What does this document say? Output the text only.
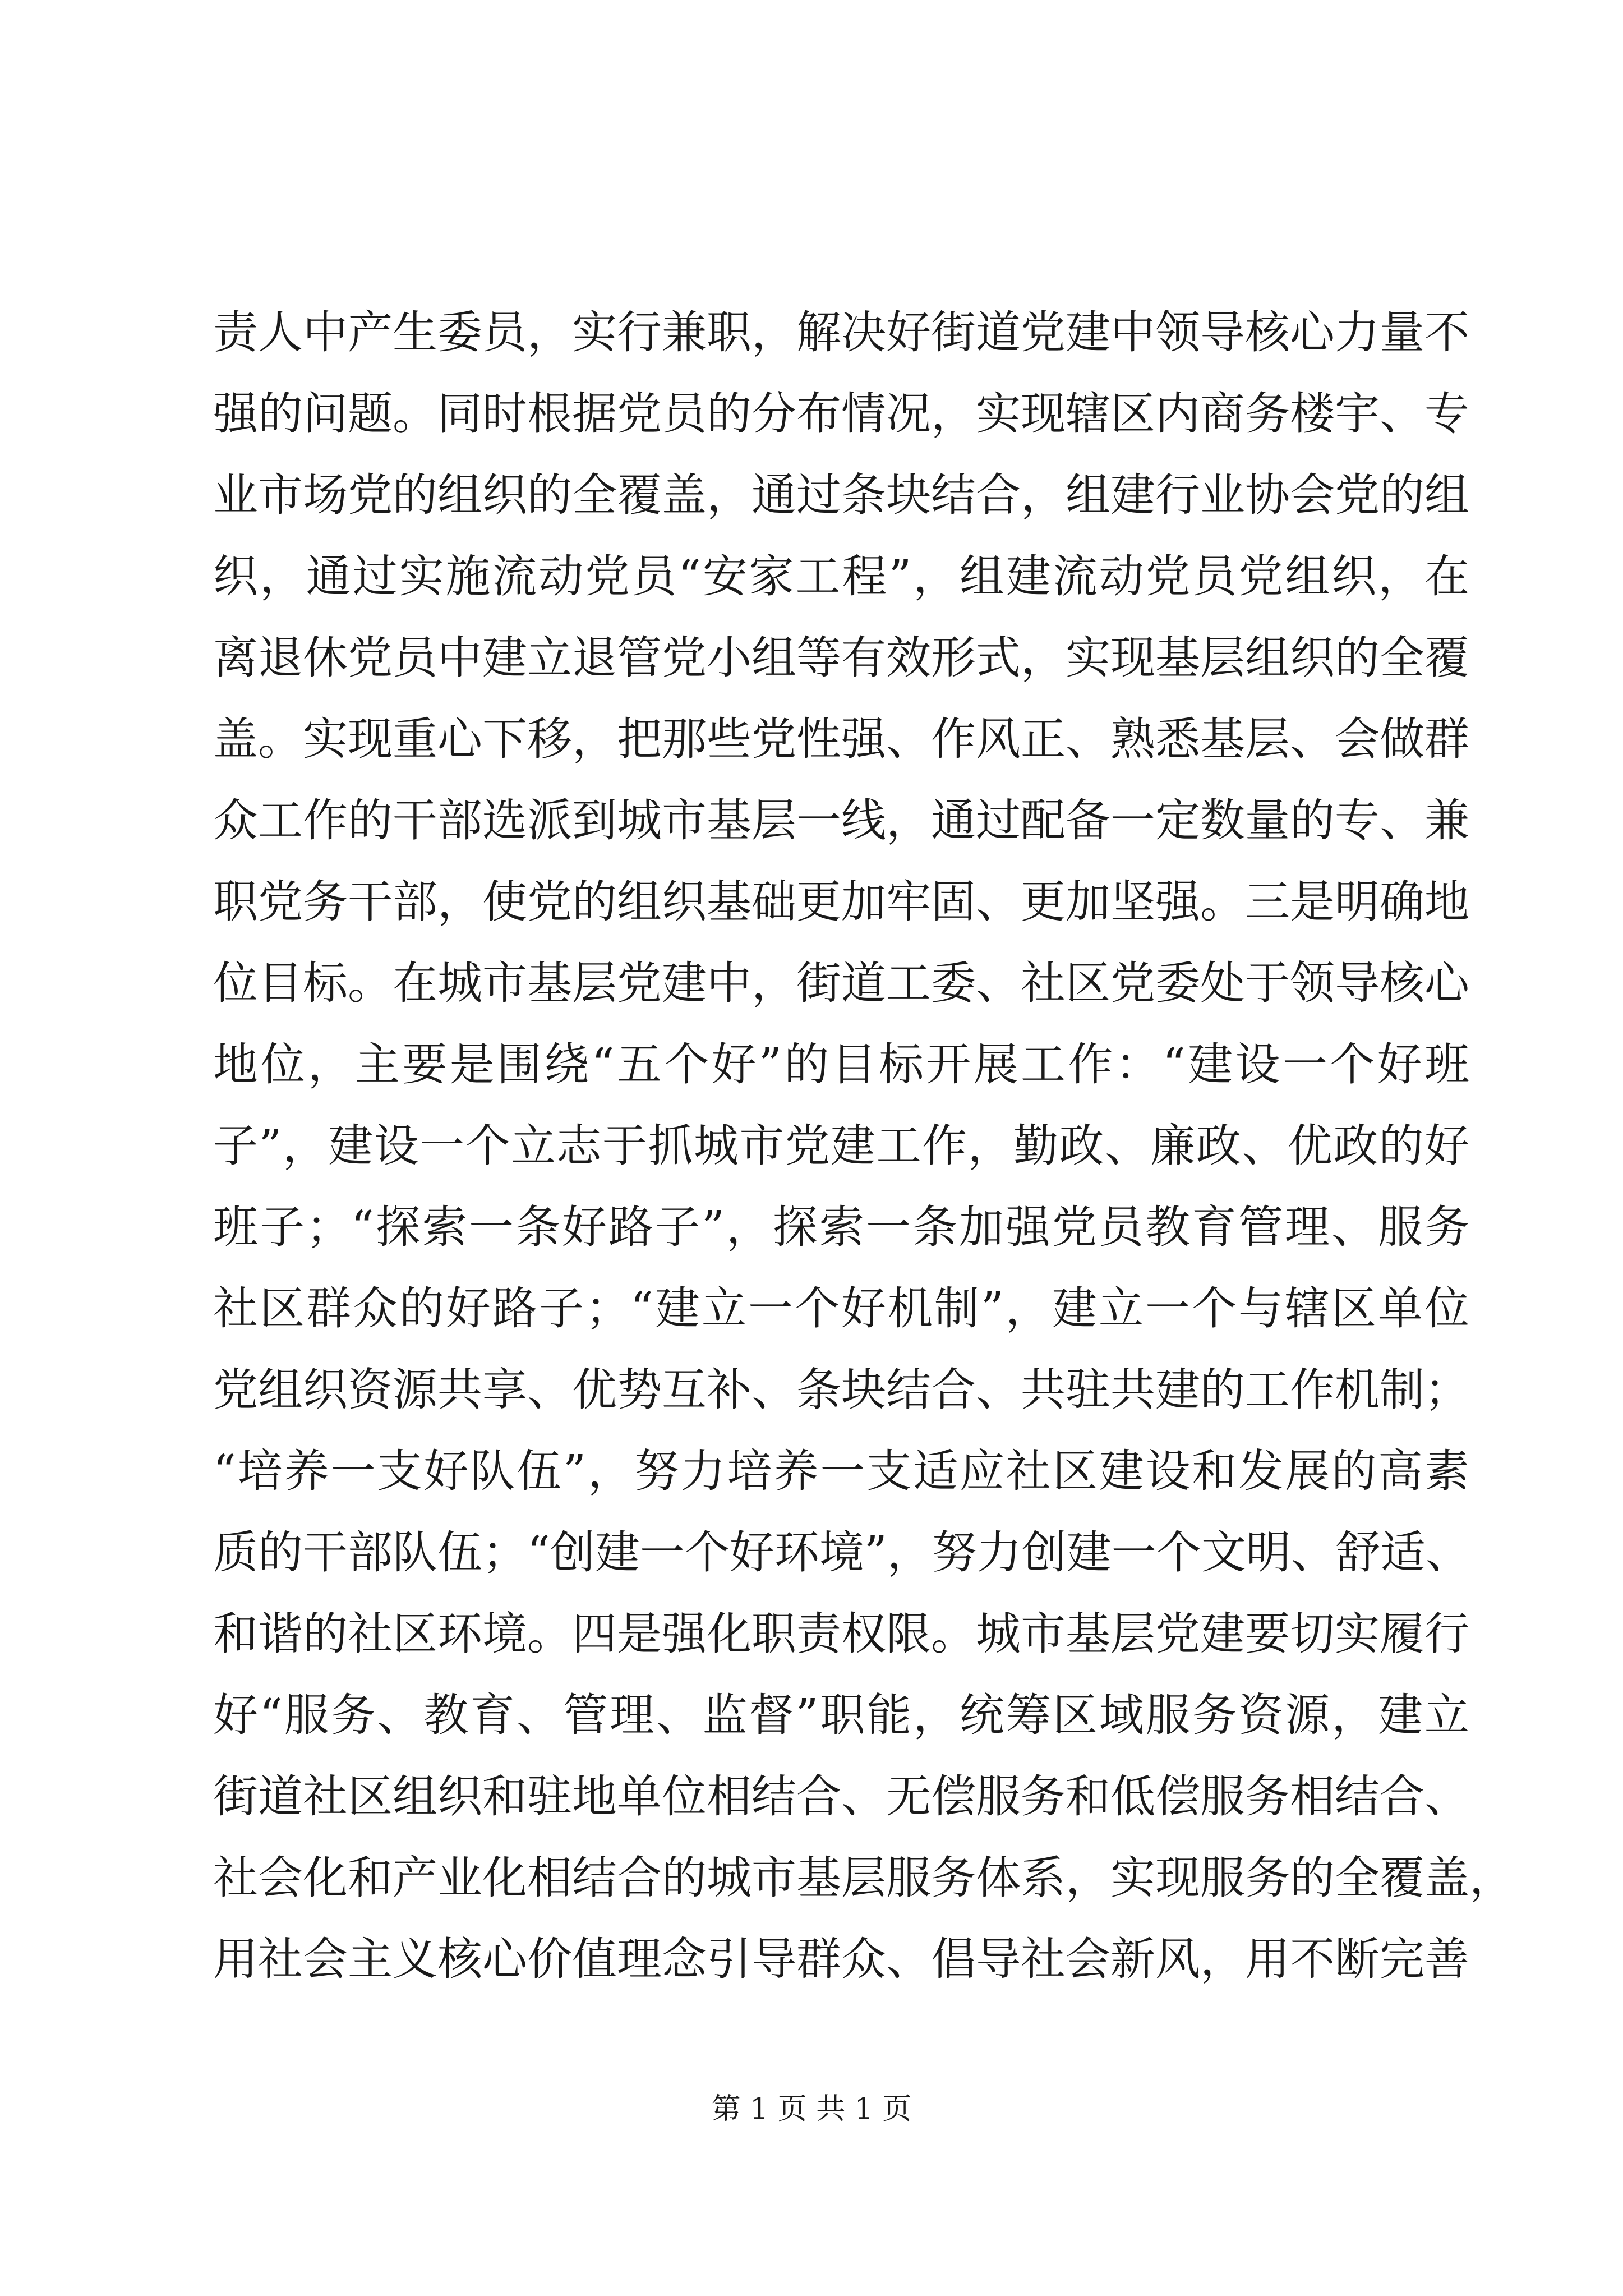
责人中产生委员，实行兼职，解决好街道党建中领导核心力量不
强的问题。同时根据党员的分布情况，实现辖区内商务楼宇、专
业市场党的组织的全覆盖，通过条块结合，组建行业协会党的组
织，通过实施流动党员“安家工程”，组建流动党员党组织，在
离退休党员中建立退管党小组等有效形式，实现基层组织的全覆
盖。实现重心下移，把那些党性强、作风正、熟悉基层、会做群
众工作的干部选派到城市基层一线，通过配备一定数量的专、兼
职党务干部，使党的组织基础更加牢固、更加坚强。三是明确地
位目标。在城市基层党建中，街道工委、社区党委处于领导核心
地位，主要是围绕“五个好”的目标开展工作：“建设一个好班
子”，建设一个立志于抓城市党建工作，勤政、廉政、优政的好
班子；“探索一条好路子”，探索一条加强党员教育管理、服务
社区群众的好路子；“建立一个好机制”，建立一个与辖区单位
党组织资源共享、优势互补、条块结合、共驻共建的工作机制；
“培养一支好队伍”，努力培养一支适应社区建设和发展的高素
质的干部队伍；“创建一个好环境”，努力创建一个文明、舒适、
和谐的社区环境。四是强化职责权限。城市基层党建要切实履行
好“服务、教育、管理、监督”职能，统筹区域服务资源，建立
街道社区组织和驻地单位相结合、无偿服务和低偿服务相结合、
社会化和产业化相结合的城市基层服务体系，实现服务的全覆盖，
用社会主义核心价值理念引导群众、倡导社会新风，用不断完善
第 1 页 共 1 页
